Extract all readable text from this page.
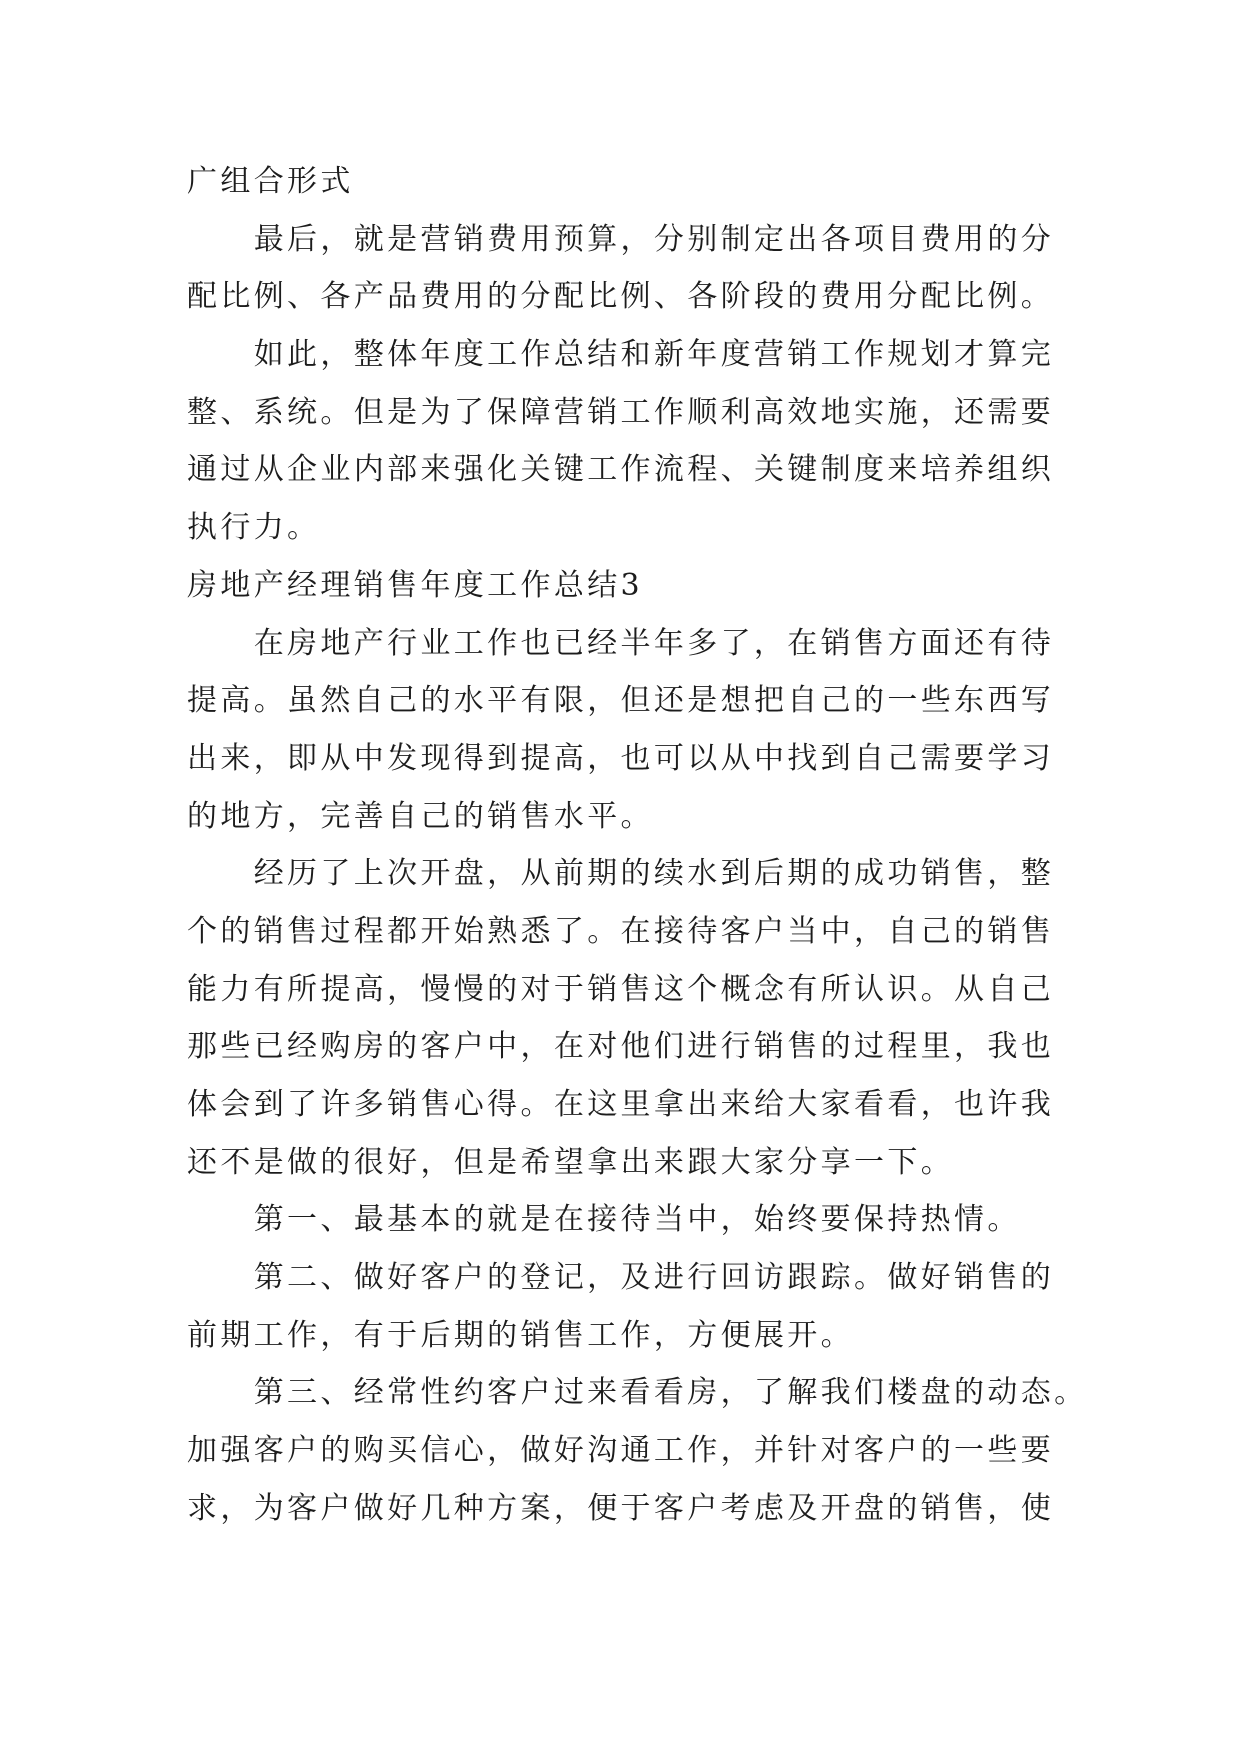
广组合形式
最后，就是营销费用预算，分别制定出各项目费用的分
配比例、各产品费用的分配比例、各阶段的费用分配比例。
如此，整体年度工作总结和新年度营销工作规划才算完
整、系统。但是为了保障营销工作顺利高效地实施，还需要
通过从企业内部来强化关键工作流程、关键制度来培养组织
执行力。
房地产经理销售年度工作总结3
在房地产行业工作也已经半年多了，在销售方面还有待
提高。虽然自己的水平有限，但还是想把自己的一些东西写
出来，即从中发现得到提高，也可以从中找到自己需要学习
的地方，完善自己的销售水平。
经历了上次开盘，从前期的续水到后期的成功销售，整
个的销售过程都开始熟悉了。在接待客户当中，自己的销售
能力有所提高，慢慢的对于销售这个概念有所认识。从自己
那些已经购房的客户中，在对他们进行销售的过程里，我也
体会到了许多销售心得。在这里拿出来给大家看看，也许我
还不是做的很好，但是希望拿出来跟大家分享一下。
第一、最基本的就是在接待当中，始终要保持热情。
第二、做好客户的登记，及进行回访跟踪。做好销售的
前期工作，有于后期的销售工作，方便展开。
第三、经常性约客户过来看看房，了解我们楼盘的动态。
加强客户的购买信心，做好沟通工作，并针对客户的一些要
求，为客户做好几种方案，便于客户考虑及开盘的销售，使
